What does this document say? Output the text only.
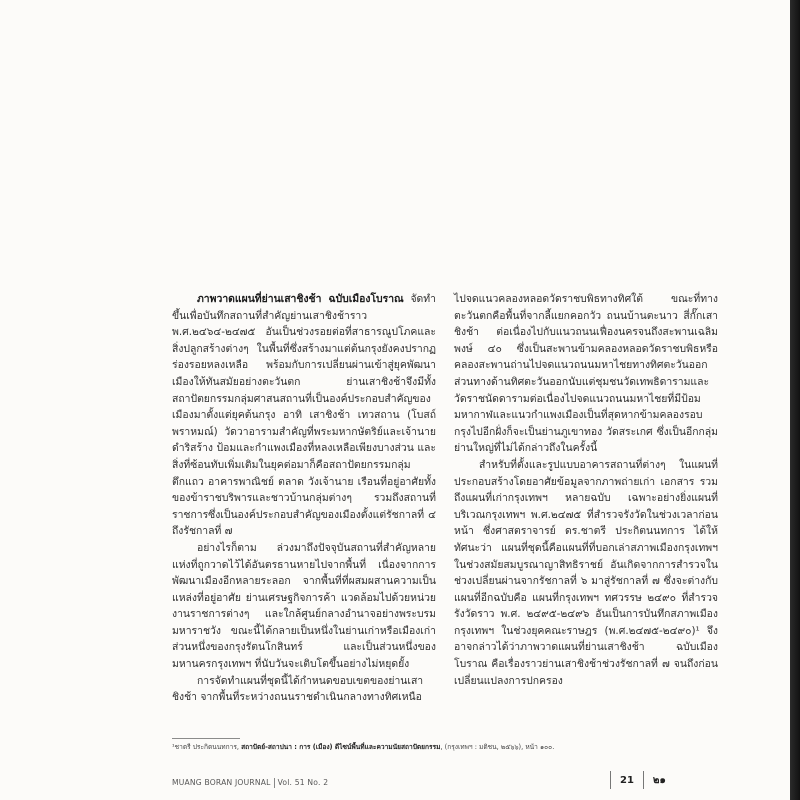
ภาพวาดแผนที่ย่านเสาชิงช้า ฉบับเมืองโบราณ จัดทำขึ้นเพื่อบันทึกสถานที่สำคัญย่านเสาชิงช้าราว พ.ศ.๒๔๖๔-๒๔๗๕ อันเป็นช่วงรอยต่อที่สาธารณูปโภคและสิ่งปลูกสร้างต่างๆ ในพื้นที่ซึ่งสร้างมาแต่ต้นกรุงยังคงปรากฏร่องรอยหลงเหลือ พร้อมกับการเปลี่ยนผ่านเข้าสู่ยุคพัฒนาเมืองให้ทันสมัยอย่างตะวันตก ย่านเสาชิงช้าจึงมีทั้งสถาปัตยกรรมกลุ่มศาสนสถานที่เป็นองค์ประกอบสำคัญของเมืองมาตั้งแต่ยุคต้นกรุง อาทิ เสาชิงช้า เทวสถาน (โบสถ์พราหมณ์) วัดวาอารามสำคัญที่พระมหากษัตริย์และเจ้านายดำริสร้าง ป้อมและกำแพงเมืองที่หลงเหลือเพียงบางส่วน และสิ่งที่ซ้อนทับเพิ่มเติมในยุคต่อมาก็คือสถาปัตยกรรมกลุ่มตึกแถว อาคารพาณิชย์ ตลาด วังเจ้านาย เรือนที่อยู่อาศัยทั้งของข้าราชบริพารและชาวบ้านกลุ่มต่างๆ รวมถึงสถานที่ราชการซึ่งเป็นองค์ประกอบสำคัญของเมืองตั้งแต่รัชกาลที่ ๔ ถึงรัชกาลที่ ๗

อย่างไรก็ตาม ล่วงมาถึงปัจจุบันสถานที่สำคัญหลายแห่งที่ถูกวาดไว้ได้อันตรธานหายไปจากพื้นที่ เนื่องจากการพัฒนาเมืองอีกหลายระลอก จากพื้นที่ที่ผสมผสานความเป็นแหล่งที่อยู่อาศัย ย่านเศรษฐกิจการค้า แวดล้อมไปด้วยหน่วยงานราชการต่างๆ และใกล้ศูนย์กลางอำนาจอย่างพระบรมมหาราชวัง ขณะนี้ได้กลายเป็นหนึ่งในย่านเก่าหรือเมืองเก่าส่วนหนึ่งของกรุงรัตนโกสินทร์ และเป็นส่วนหนึ่งของมหานครกรุงเทพฯ ที่นับวันจะเติบโตขึ้นอย่างไม่หยุดยั้ง

การจัดทำแผนที่ชุดนี้ได้กำหนดขอบเขตของย่านเสาชิงช้า จากพื้นที่ระหว่างถนนราชดำเนินกลางทางทิศเหนือ

ไปจดแนวคลองหลอดวัดราชบพิธทางทิศใต้ ขณะที่ทางตะวันตกคือพื้นที่จากลี้แยกคอกวัว ถนนบ้านตะนาว สี่กั๊กเสาชิงช้า ต่อเนื่องไปกับแนวถนนเฟื่องนครจนถึงสะพานเฉลิมพงษ์ ๔๐ ซึ่งเป็นสะพานข้ามคลองหลอดวัดราชบพิธหรือคลองสะพานถ่านไปจดแนวถนนมหาไชยทางทิศตะวันออก ส่วนทางด้านทิศตะวันออกนับแต่ชุมชนวัดเทพธิดารามและวัดราชนัดดารามต่อเนื่องไปจดแนวถนนมหาไชยที่มีป้อมมหากาฬและแนวกำแพงเมืองเป็นที่สุดหากข้ามคลองรอบกรุงไปอีกฝั่งก็จะเป็นย่านภูเขาทอง วัดสระเกศ ซึ่งเป็นอีกกลุ่มย่านใหญ่ที่ไม่ได้กล่าวถึงในครั้งนี้

สำหรับที่ตั้งและรูปแบบอาคารสถานที่ต่างๆ ในแผนที่ประกอบสร้างโดยอาศัยข้อมูลจากภาพถ่ายเก่า เอกสาร รวมถึงแผนที่เก่ากรุงเทพฯ หลายฉบับ เฉพาะอย่างยิ่งแผนที่บริเวณกรุงเทพฯ พ.ศ.๒๔๗๕ ที่สำรวจรังวัดในช่วงเวลาก่อนหน้า ซึ่งศาสตราจารย์ ดร.ชาตรี ประกิตนนทการ ได้ให้ทัศนะว่า แผนที่ชุดนี้คือแผนที่ที่บอกเล่าสภาพเมืองกรุงเทพฯ ในช่วงสมัยสมบูรณาญาสิทธิราชย์ อันเกิดจากการสำรวจในช่วงเปลี่ยนผ่านจากรัชกาลที่ ๖ มาสู่รัชกาลที่ ๗ ซึ่งจะต่างกับแผนที่อีกฉบับคือ แผนที่กรุงเทพฯ ทศวรรษ ๒๔๙๐ ที่สำรวจรังวัดราว พ.ศ. ๒๔๙๕-๒๔๙๖ อันเป็นการบันทึกสภาพเมืองกรุงเทพฯ ในช่วงยุคคณะราษฎร (พ.ศ.๒๔๗๕-๒๔๙๐)¹ จึงอาจกล่าวได้ว่าภาพวาดแผนที่ย่านเสาชิงช้า ฉบับเมืองโบราณ คือเรื่องราวย่านเสาชิงช้าช่วงรัชกาลที่ ๗ จนถึงก่อนเปลี่ยนแปลงการปกครอง

¹ชาตรี ประกิตนนทการ, สถาปัตย์-สถาปนา : การ (เมือง) ดีไซน์พื้นที่และความนัยสถาปัตยกรรม, (กรุงเทพฯ : มติชน, ๒๕๖๖), หน้า ๑๐๐.
MUANG BORAN JOURNAL Vol. 51 No. 2	21 ๒๑
